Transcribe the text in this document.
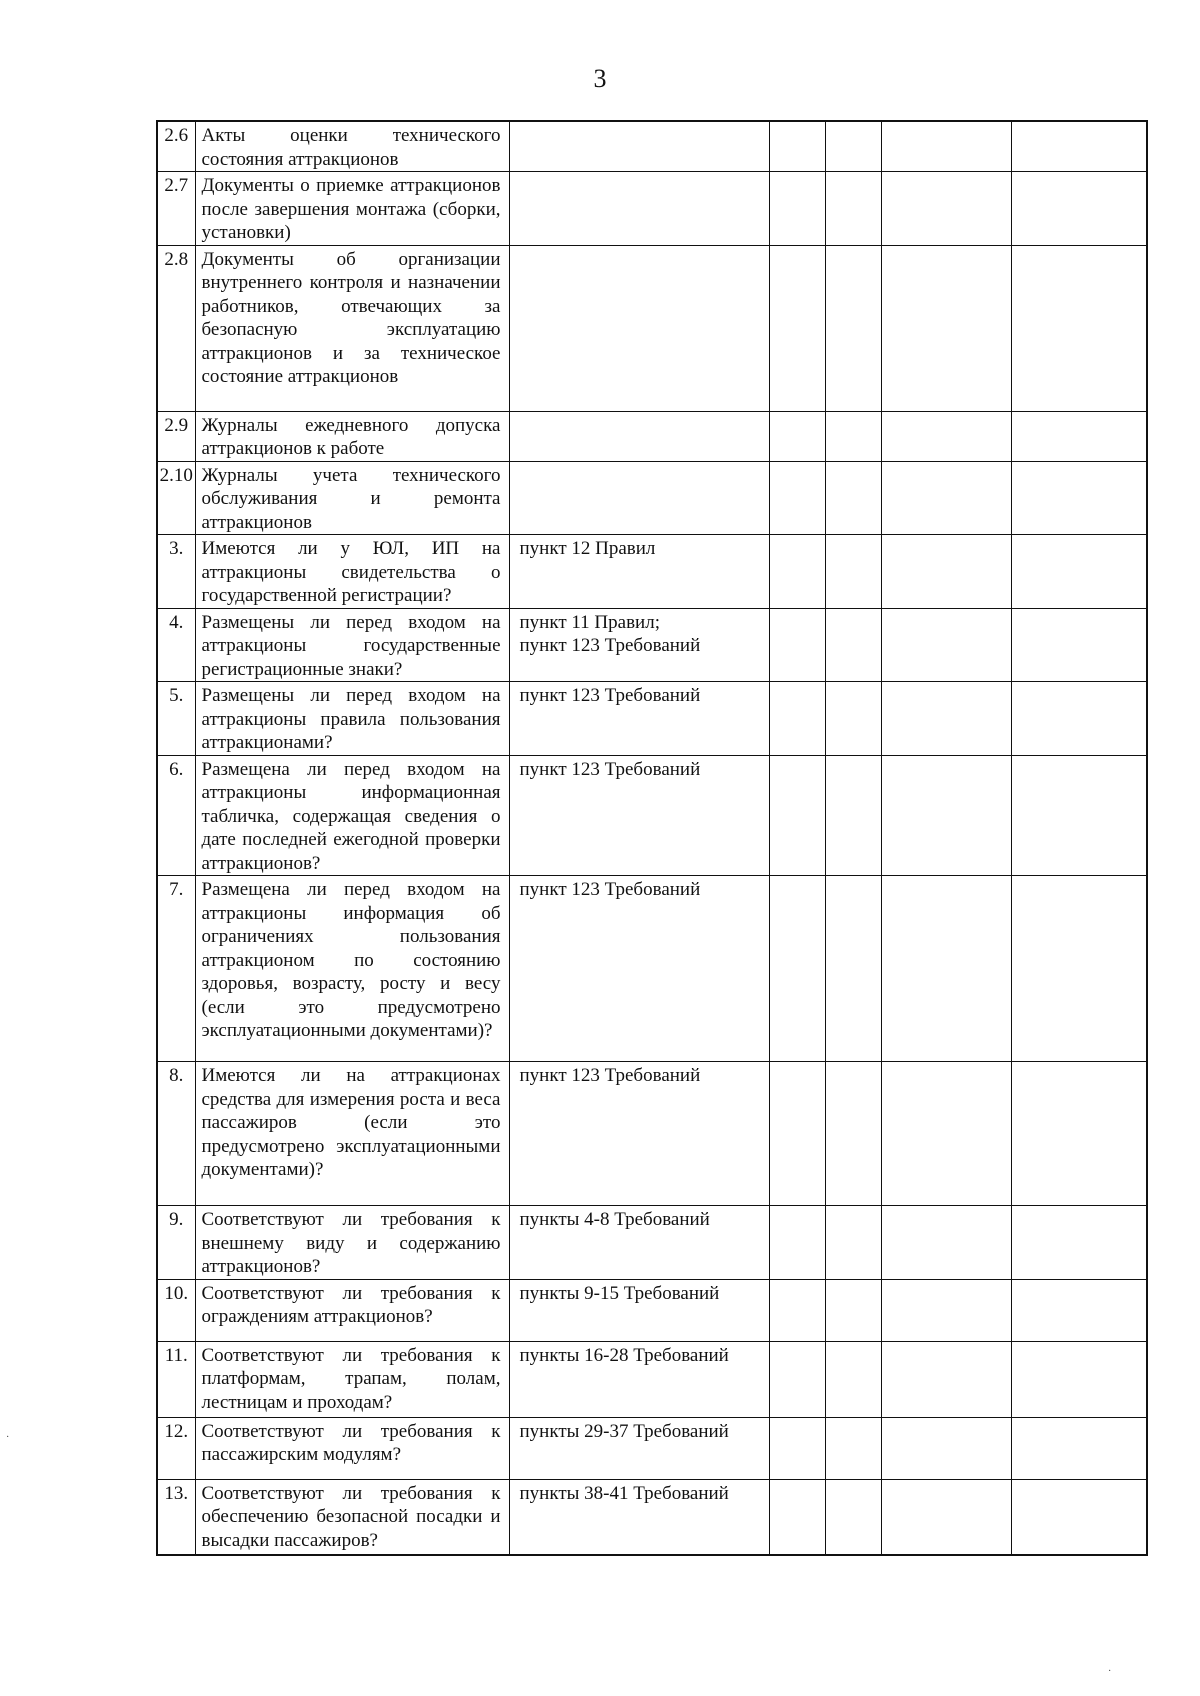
3
2.6	Акты оценки технического состояния аттракционов					
2.7	Документы о приемке аттракционов после завершения монтажа (сборки, установки)					
2.8	Документы об организации внутреннего контроля и назначении работников, отвечающих за безопасную эксплуатацию аттракционов и за техническое состояние аттракционов					
2.9	Журналы ежедневного допуска аттракционов к работе					
2.10	Журналы учета технического обслуживания и ремонта аттракционов					
3.	Имеются ли у ЮЛ, ИП на аттракционы свидетельства о государственной регистрации?	пункт 12 Правил				
4.	Размещены ли перед входом на аттракционы государственные регистрационные знаки?	пункт 11 Правил;
пункт 123 Требований				
5.	Размещены ли перед входом на аттракционы правила пользования аттракционами?	пункт 123 Требований				
6.	Размещена ли перед входом на аттракционы информационная табличка, содержащая сведения о дате последней ежегодной проверки аттракционов?	пункт 123 Требований				
7.	Размещена ли перед входом на аттракционы информация об ограничениях пользования аттракционом по состоянию здоровья, возрасту, росту и весу (если это предусмотрено эксплуатационными документами)?	пункт 123 Требований				
8.	Имеются ли на аттракционах средства для измерения роста и веса пассажиров (если это предусмотрено эксплуатационными документами)?	пункт 123 Требований				
9.	Соответствуют ли требования к внешнему виду и содержанию аттракционов?	пункты 4-8 Требований				
10.	Соответствуют ли требования к ограждениям аттракционов?	пункты 9-15 Требований				
11.	Соответствуют ли требования к платформам, трапам, полам, лестницам и проходам?	пункты 16-28 Требований				
12.	Соответствуют ли требования к пассажирским модулям?	пункты 29-37 Требований				
13.	Соответствуют ли требования к обеспечению безопасной посадки и высадки пассажиров?	пункты 38-41 Требований				
·
·
